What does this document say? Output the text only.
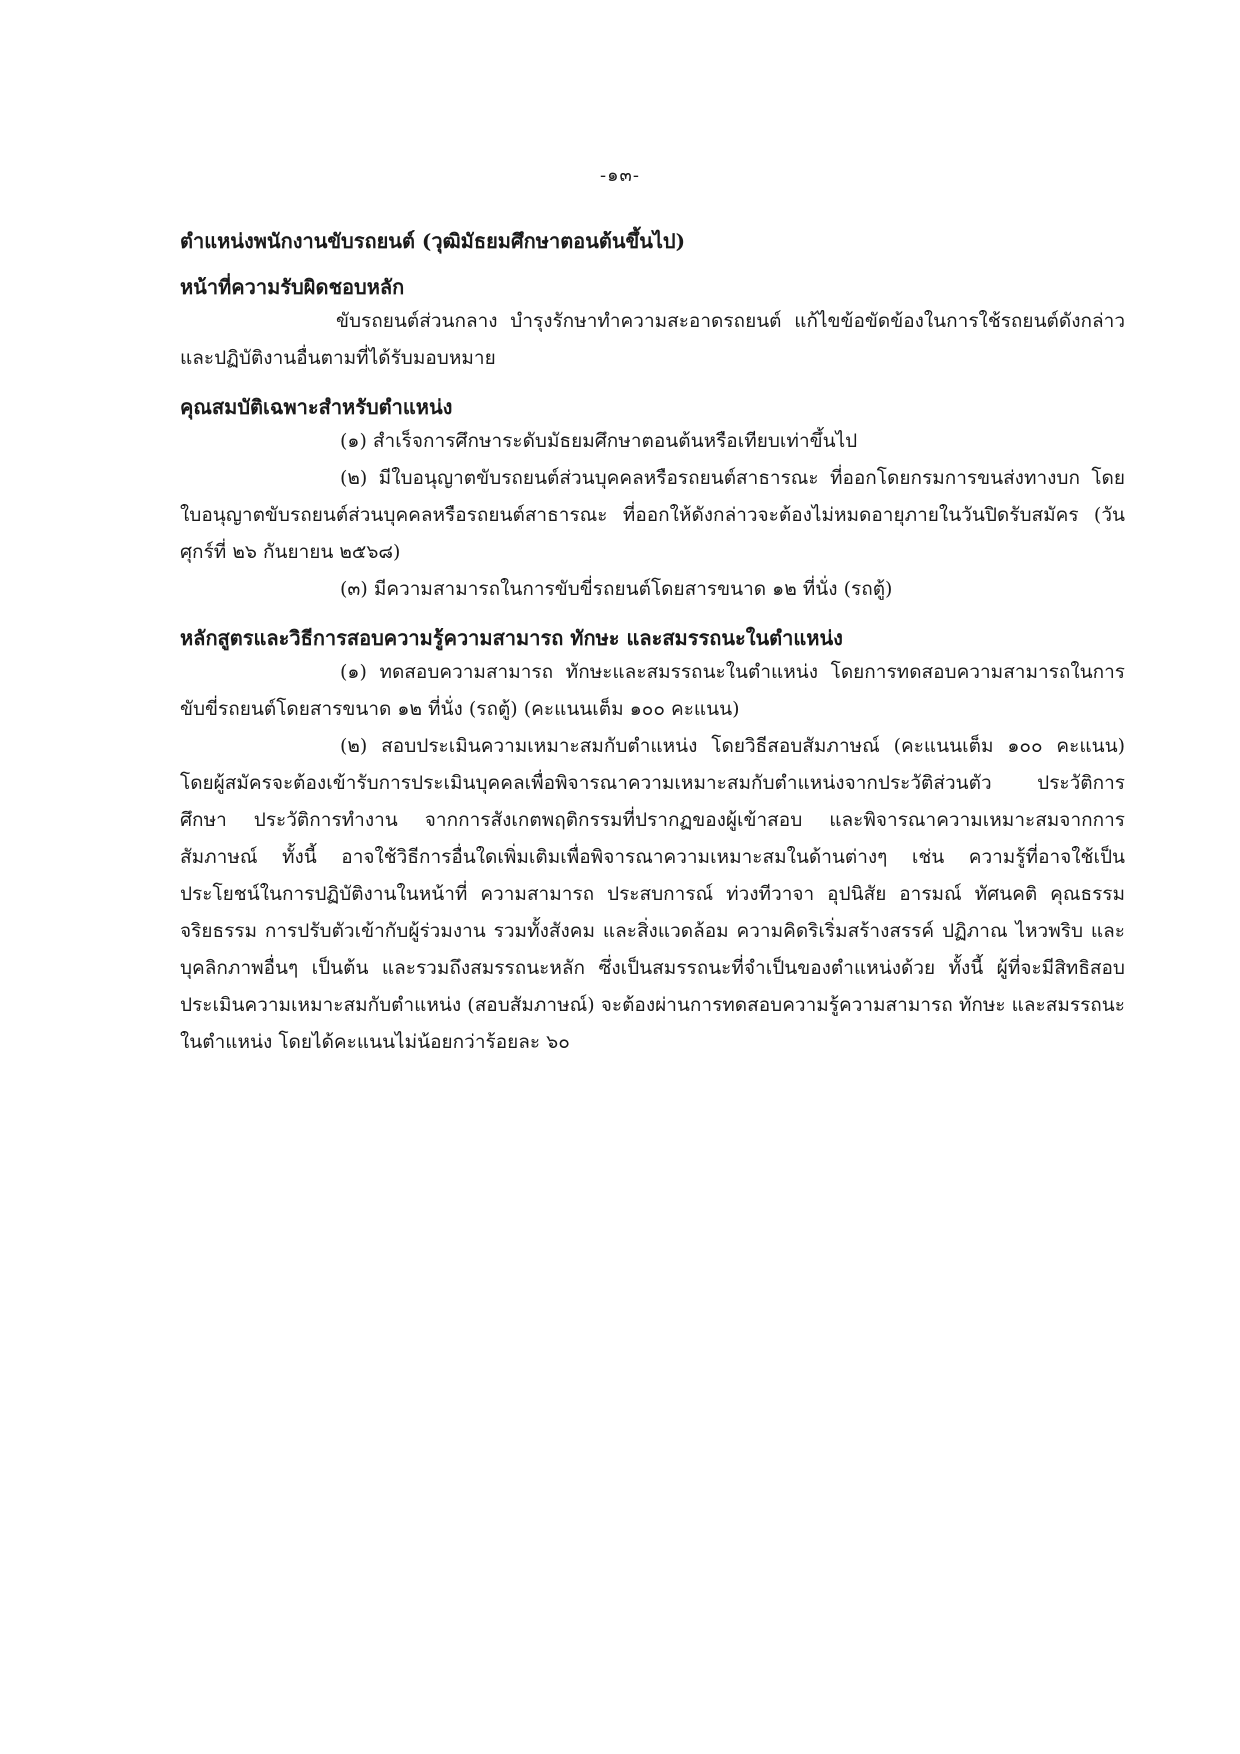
-๑๓-
ตำแหน่งพนักงานขับรถยนต์ (วุฒิมัธยมศึกษาตอนต้นขึ้นไป)
หน้าที่ความรับผิดชอบหลัก

ขับรถยนต์ส่วนกลาง บำรุงรักษาทำความสะอาดรถยนต์ แก้ไขข้อขัดข้องในการใช้รถยนต์ดังกล่าว และปฏิบัติงานอื่นตามที่ได้รับมอบหมาย

คุณสมบัติเฉพาะสำหรับตำแหน่ง

(๑) สำเร็จการศึกษาระดับมัธยมศึกษาตอนต้นหรือเทียบเท่าขึ้นไป

(๒) มีใบอนุญาตขับรถยนต์ส่วนบุคคลหรือรถยนต์สาธารณะ ที่ออกโดยกรมการขนส่งทางบก โดยใบอนุญาตขับรถยนต์ส่วนบุคคลหรือรถยนต์สาธารณะ ที่ออกให้ดังกล่าวจะต้องไม่หมดอายุภายในวันปิดรับสมัคร (วันศุกร์ที่ ๒๖ กันยายน ๒๕๖๘)

(๓) มีความสามารถในการขับขี่รถยนต์โดยสารขนาด ๑๒ ที่นั่ง (รถตู้)

หลักสูตรและวิธีการสอบความรู้ความสามารถ ทักษะ และสมรรถนะในตำแหน่ง

(๑) ทดสอบความสามารถ ทักษะและสมรรถนะในตำแหน่ง โดยการทดสอบความสามารถในการขับขี่รถยนต์โดยสารขนาด ๑๒ ที่นั่ง (รถตู้) (คะแนนเต็ม ๑๐๐ คะแนน)

(๒) สอบประเมินความเหมาะสมกับตำแหน่ง โดยวิธีสอบสัมภาษณ์ (คะแนนเต็ม ๑๐๐ คะแนน) โดยผู้สมัครจะต้องเข้ารับการประเมินบุคคลเพื่อพิจารณาความเหมาะสมกับตำแหน่งจากประวัติส่วนตัว ประวัติการศึกษา ประวัติการทำงาน จากการสังเกตพฤติกรรมที่ปรากฏของผู้เข้าสอบ และพิจารณาความเหมาะสมจากการสัมภาษณ์ ทั้งนี้ อาจใช้วิธีการอื่นใดเพิ่มเติมเพื่อพิจารณาความเหมาะสมในด้านต่างๆ เช่น ความรู้ที่อาจใช้เป็นประโยชน์ในการปฏิบัติงานในหน้าที่ ความสามารถ ประสบการณ์ ท่วงทีวาจา อุปนิสัย อารมณ์ ทัศนคติ คุณธรรมจริยธรรม การปรับตัวเข้ากับผู้ร่วมงาน รวมทั้งสังคม และสิ่งแวดล้อม ความคิดริเริ่มสร้างสรรค์ ปฏิภาณ ไหวพริบ และบุคลิกภาพอื่นๆ เป็นต้น และรวมถึงสมรรถนะหลัก ซึ่งเป็นสมรรถนะที่จำเป็นของตำแหน่งด้วย ทั้งนี้ ผู้ที่จะมีสิทธิสอบประเมินความเหมาะสมกับตำแหน่ง (สอบสัมภาษณ์) จะต้องผ่านการทดสอบความรู้ความสามารถ ทักษะ และสมรรถนะในตำแหน่ง โดยได้คะแนนไม่น้อยกว่าร้อยละ ๖๐
